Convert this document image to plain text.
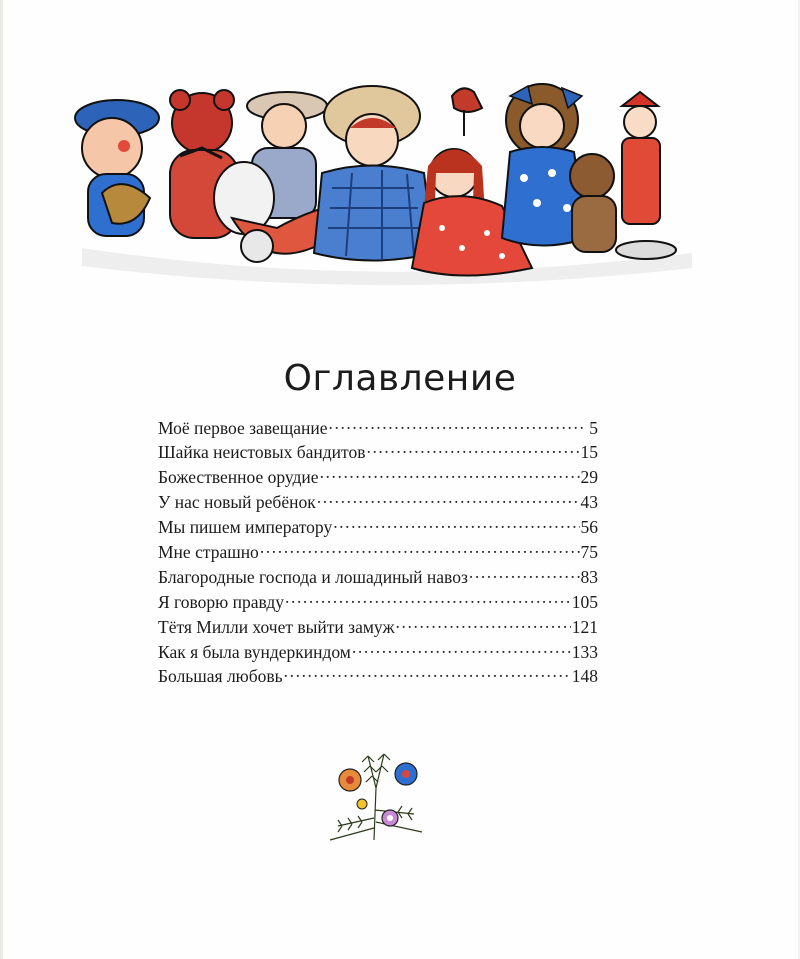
Оглавление
Моё первое завещание .....	5
Шайка неистовых бандитов .....	15
Божественное орудие .....	29
У нас новый ребёнок .....	43
Мы пишем императору .....	56
Мне страшно .....	75
Благородные господа и лошадиный навоз .....	83
Я говорю правду .....	105
Тётя Милли хочет выйти замуж .....	121
Как я была вундеркиндом .....	133
Большая любовь .....	148
